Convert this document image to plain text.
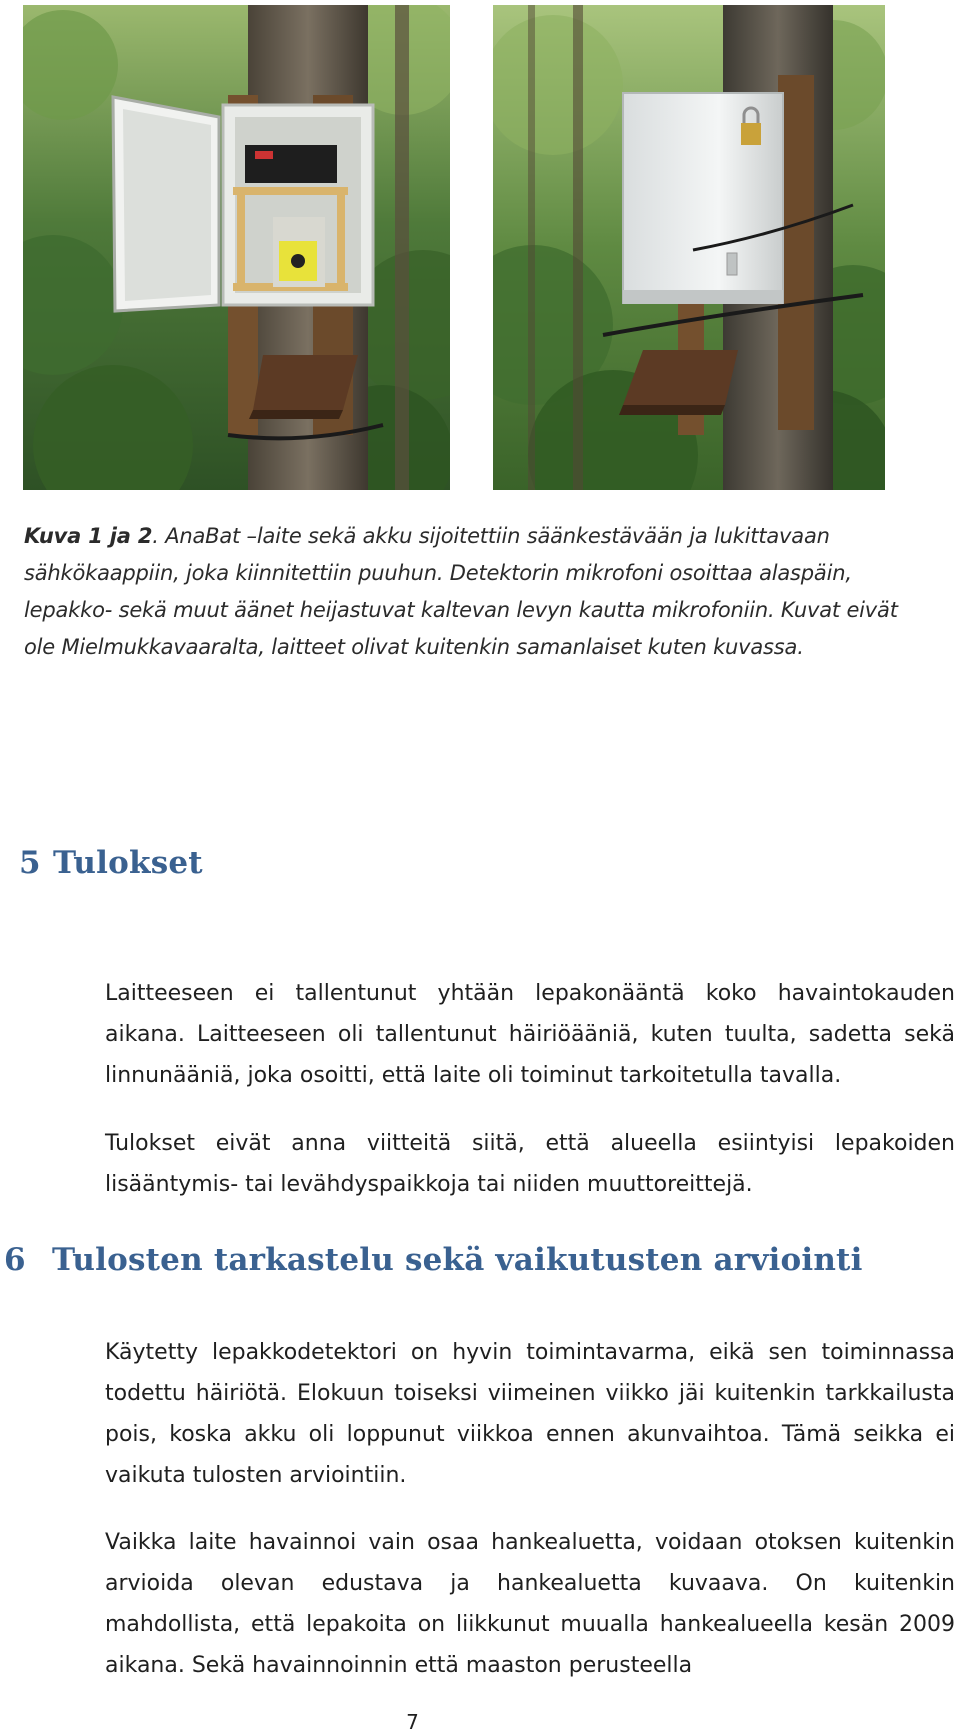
Kuva 1 ja 2. AnaBat –laite sekä akku sijoitettiin säänkestävään ja lukittavaan sähkökaappiin, joka kiinnitettiin puuhun. Detektorin mikrofoni osoittaa alaspäin, lepakko- sekä muut äänet heijastuvat kaltevan levyn kautta mikrofoniin. Kuvat eivät ole Mielmukkavaaralta, laitteet olivat kuitenkin samanlaiset kuten kuvassa.
5 Tulokset

Laitteeseen ei tallentunut yhtään lepakonääntä koko havaintokauden aikana. Laitteeseen oli tallentunut häiriöääniä, kuten tuulta, sadetta sekä linnunääniä, joka osoitti, että laite oli toiminut tarkoitetulla tavalla.

Tulokset eivät anna viitteitä siitä, että alueella esiintyisi lepakoiden lisääntymis- tai levähdyspaikkoja tai niiden muuttoreittejä.

6 Tulosten tarkastelu sekä vaikutusten arviointi

Käytetty lepakkodetektori on hyvin toimintavarma, eikä sen toiminnassa todettu häiriötä. Elokuun toiseksi viimeinen viikko jäi kuitenkin tarkkailusta pois, koska akku oli loppunut viikkoa ennen akunvaihtoa. Tämä seikka ei vaikuta tulosten arviointiin.

Vaikka laite havainnoi vain osaa hankealuetta, voidaan otoksen kuitenkin arvioida olevan edustava ja hankealuetta kuvaava. On kuitenkin mahdollista, että lepakoita on liikkunut muualla hankealueella kesän 2009 aikana. Sekä havainnoinnin että maaston perusteella

7
